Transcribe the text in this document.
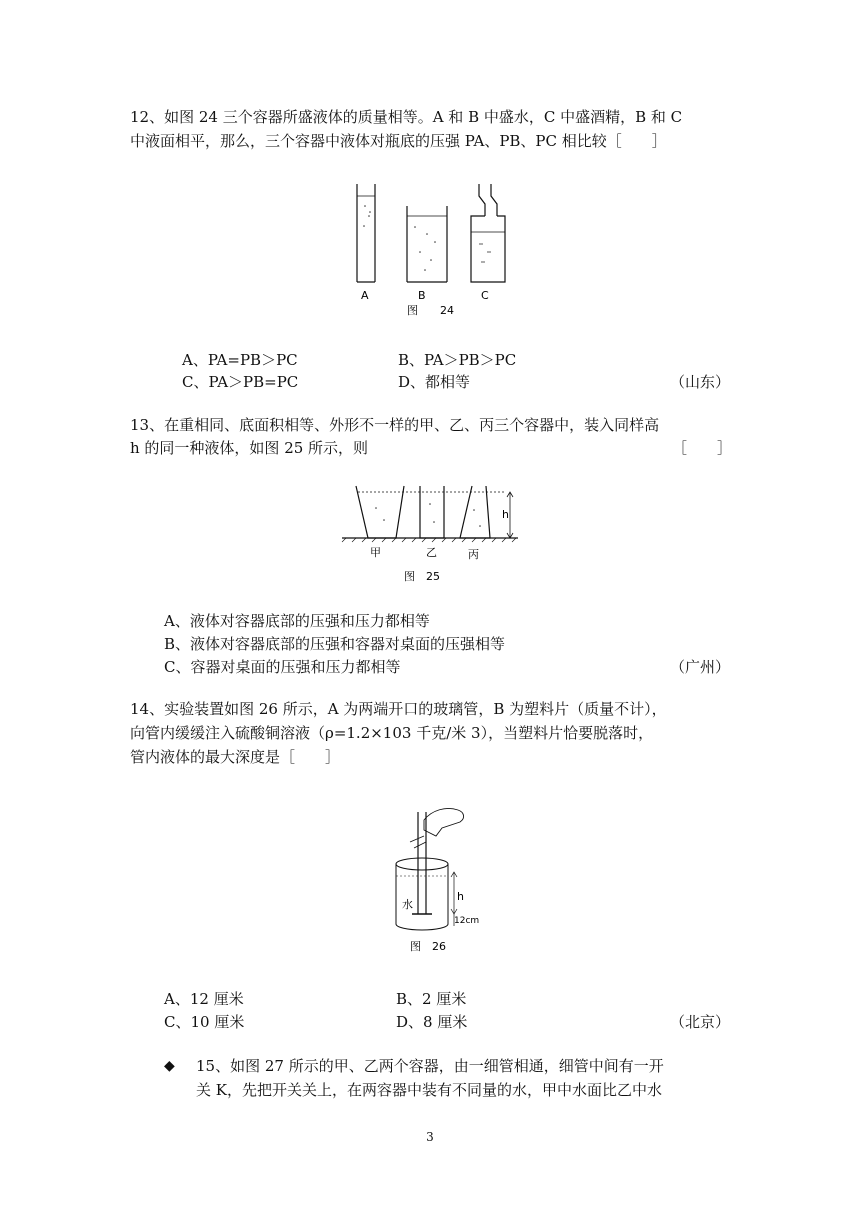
12、如图 24 三个容器所盛液体的质量相等。A 和 B 中盛水，C 中盛酒精，B 和 C
中液面相平，那么，三个容器中液体对瓶底的压强 PA、PB、PC 相比较［　　］
A	B	C
图　　24
A、PA=PB＞PC	B、PA＞PB＞PC
C、PA＞PB=PC	D、都相等	（山东）
13、在重相同、底面积相等、外形不一样的甲、乙、丙三个容器中，装入同样高
h 的同一种液体，如图 25 所示，则	［　　］
h
甲	乙	丙
图　25
A、液体对容器底部的压强和压力都相等
B、液体对容器底部的压强和容器对桌面的压强相等
C、容器对桌面的压强和压力都相等	（广州）
14、实验装置如图 26 所示，A 为两端开口的玻璃管，B 为塑料片（质量不计），
向管内缓缓注入硫酸铜溶液（ρ=1.2×103 千克/米 3），当塑料片恰要脱落时，
管内液体的最大深度是［　　］
h
水
12cm
图　26
A、12 厘米	B、2 厘米
C、10 厘米	D、8 厘米	（北京）
◆ 15、如图 27 所示的甲、乙两个容器，由一细管相通，细管中间有一开
关 K，先把开关关上，在两容器中装有不同量的水，甲中水面比乙中水
3
